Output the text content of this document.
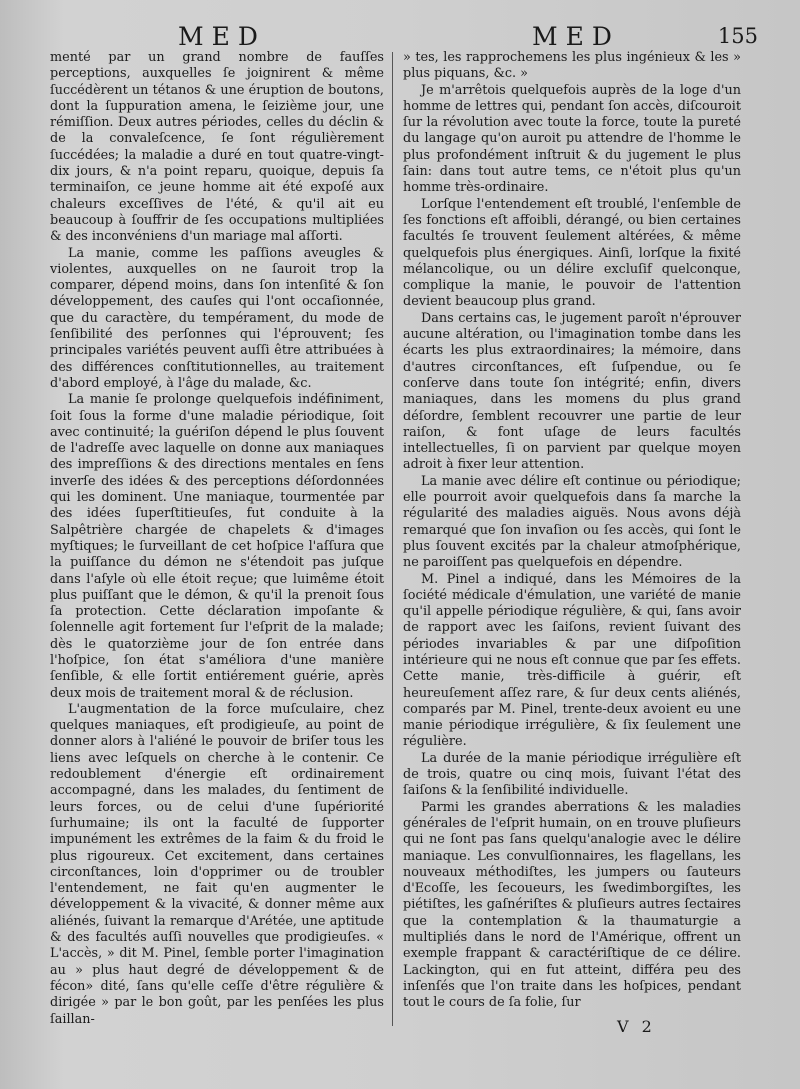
MED	MED	155

menté par un grand nombre de fauſſes perceptions, auxquelles ſe joignirent & même ſuccédèrent un tétanos & une éruption de boutons, dont la ſuppuration amena, le ſeizième jour, une rémiſſion. Deux autres périodes, celles du déclin & de la convaleſcence, ſe ſont régulièrement ſuccédées; la maladie a duré en tout quatre-vingt-dix jours, & n'a point reparu, quoique, depuis ſa terminaiſon, ce jeune homme ait été expoſé aux chaleurs exceſſives de l'été, & qu'il ait eu beaucoup à ſouffrir de ſes occupations multipliées & des inconvéniens d'un mariage mal aſſorti.

La manie, comme les paſſions aveugles & violentes, auxquelles on ne ſauroit trop la comparer, dépend moins, dans ſon intenſité & ſon développement, des cauſes qui l'ont occaſionnée, que du caractère, du tempérament, du mode de ſenſibilité des perſonnes qui l'éprouvent; ſes principales variétés peuvent auſſi être attribuées à des différences conſtitutionnelles, au traitement d'abord employé, à l'âge du malade, &c.

La manie ſe prolonge quelquefois indéfiniment, ſoit ſous la forme d'une maladie périodique, ſoit avec continuité; la guériſon dépend le plus ſouvent de l'adreſſe avec laquelle on donne aux maniaques des impreſſions & des directions mentales en ſens inverſe des idées & des perceptions déſordonnées qui les dominent. Une maniaque, tourmentée par des idées ſuperſtitieuſes, fut conduite à la Salpêtrière chargée de chapelets & d'images myſtiques; le ſurveillant de cet hoſpice l'aſſura que la puiſſance du démon ne s'étendoit pas juſque dans l'aſyle où elle étoit reçue; que luimême étoit plus puiſſant que le démon, & qu'il la prenoit ſous ſa protection. Cette déclaration impoſante & ſolennelle agit fortement ſur l'eſprit de la malade; dès le quatorzième jour de ſon entrée dans l'hoſpice, ſon état s'améliora d'une manière ſenſible, & elle ſortit entiérement guérie, après deux mois de traitement moral & de réclusion.

L'augmentation de la force muſculaire, chez quelques maniaques, eſt prodigieuſe, au point de donner alors à l'aliéné le pouvoir de briſer tous les liens avec leſquels on cherche à le contenir. Ce redoublement d'énergie eſt ordinairement accompagné, dans les malades, du ſentiment de leurs forces, ou de celui d'une ſupériorité ſurhumaine; ils ont la faculté de ſupporter impunément les extrêmes de la faim & du froid le plus rigoureux. Cet excitement, dans certaines circonſtances, loin d'opprimer ou de troubler l'entendement, ne fait qu'en augmenter le développement & la vivacité, & donner même aux aliénés, ſuivant la remarque d'Arétée, une aptitude & des facultés auſſi nouvelles que prodigieuſes. « L'accès, » dit M. Pinel, ſemble porter l'imagination au » plus haut degré de développement & de fécon» dité, ſans qu'elle ceſſe d'être régulière & dirigée » par le bon goût, par les penſées les plus ſaillan-

» tes, les rapprochemens les plus ingénieux & les » plus piquans, &c. »

Je m'arrêtois quelquefois auprès de la loge d'un homme de lettres qui, pendant ſon accès, diſcouroit ſur la révolution avec toute la force, toute la pureté du langage qu'on auroit pu attendre de l'homme le plus profondément inſtruit & du jugement le plus ſain: dans tout autre tems, ce n'étoit plus qu'un homme très-ordinaire.

Lorſque l'entendement eſt troublé, l'enſemble de ſes fonctions eſt affoibli, dérangé, ou bien certaines facultés ſe trouvent ſeulement altérées, & même quelquefois plus énergiques. Ainſi, lorſque la fixité mélancolique, ou un délire excluſif quelconque, complique la manie, le pouvoir de l'attention devient beaucoup plus grand.

Dans certains cas, le jugement paroît n'éprouver aucune altération, ou l'imagination tombe dans les écarts les plus extraordinaires; la mémoire, dans d'autres circonſtances, eſt ſuſpendue, ou ſe conſerve dans toute ſon intégrité; enfin, divers maniaques, dans les momens du plus grand déſordre, ſemblent recouvrer une partie de leur raiſon, & font uſage de leurs facultés intellectuelles, ſi on parvient par quelque moyen adroit à fixer leur attention.

La manie avec délire eſt continue ou périodique; elle pourroit avoir quelquefois dans ſa marche la régularité des maladies aiguës. Nous avons déjà remarqué que ſon invaſion ou ſes accès, qui ſont le plus ſouvent excités par la chaleur atmoſphérique, ne paroiſſent pas quelquefois en dépendre.

M. Pinel a indiqué, dans les Mémoires de la ſociété médicale d'émulation, une variété de manie qu'il appelle périodique régulière, & qui, ſans avoir de rapport avec les ſaiſons, revient ſuivant des périodes invariables & par une diſpoſition intérieure qui ne nous eſt connue que par ſes effets. Cette manie, très-difficile à guérir, eſt heureuſement aſſez rare, & ſur deux cents aliénés, comparés par M. Pinel, trente-deux avoient eu une manie périodique irrégulière, & ſix ſeulement une régulière.

La durée de la manie périodique irrégulière eſt de trois, quatre ou cinq mois, ſuivant l'état des ſaiſons & la ſenſibilité individuelle.

Parmi les grandes aberrations & les maladies générales de l'eſprit humain, on en trouve pluſieurs qui ne ſont pas ſans quelqu'analogie avec le délire maniaque. Les convulſionnaires, les flagellans, les nouveaux méthodiſtes, les jumpers ou ſauteurs d'Ecoſſe, les ſecoueurs, les ſwedimborgiſtes, les piétiſtes, les gaſnériſtes & pluſieurs autres ſectaires que la contemplation & la thaumaturgie a multipliés dans le nord de l'Amérique, offrent un exemple frappant & caractériſtique de ce délire. Lackington, qui en fut atteint, différa peu des inſenſés que l'on traite dans les hoſpices, pendant tout le cours de ſa folie, ſur

V 2
